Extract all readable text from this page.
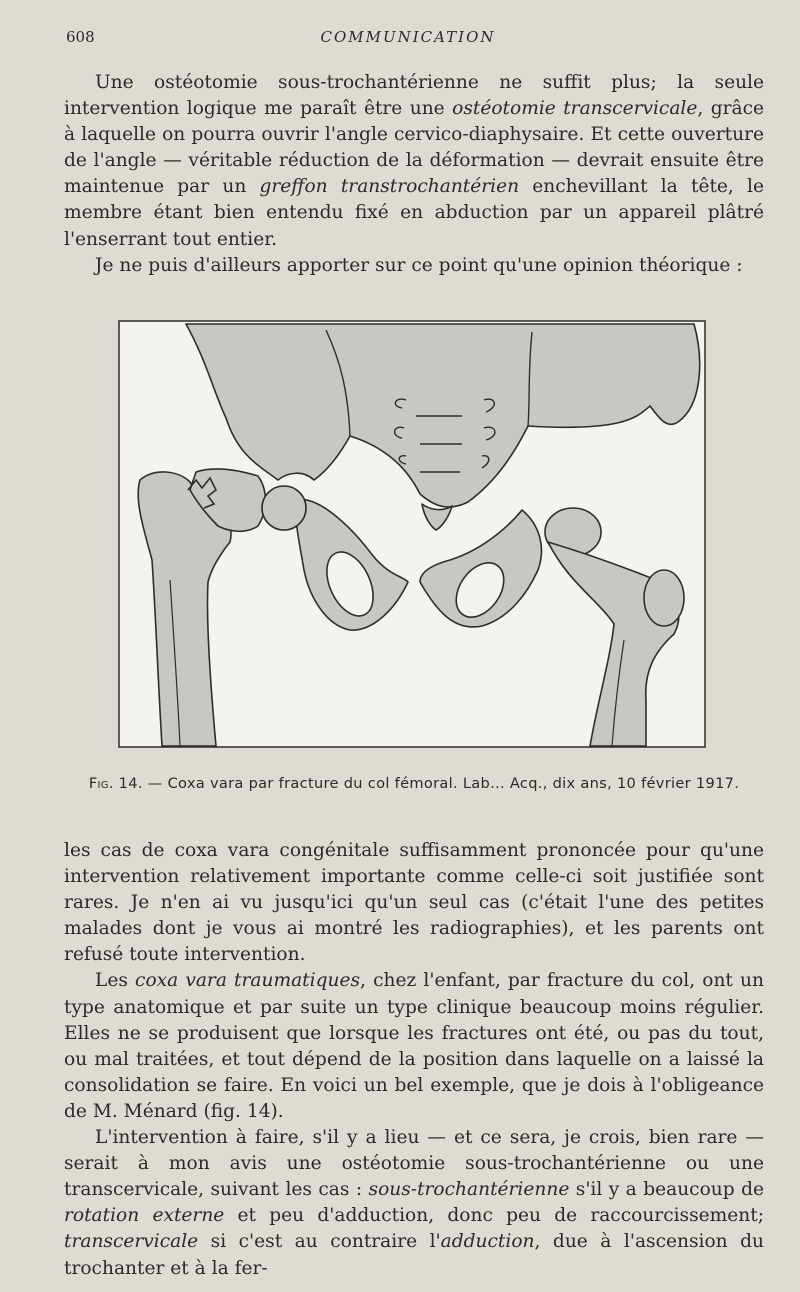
608	COMMUNICATION

Une ostéotomie sous-trochantérienne ne suffit plus; la seule intervention logique me paraît être une ostéotomie transcervicale, grâce à laquelle on pourra ouvrir l'angle cervico-diaphysaire. Et cette ouverture de l'angle — véritable réduction de la déformation — devrait ensuite être maintenue par un greffon transtrochantérien enchevillant la tête, le membre étant bien entendu fixé en abduction par un appareil plâtré l'enserrant tout entier.

Je ne puis d'ailleurs apporter sur ce point qu'une opinion théorique :

Fig. 14. — Coxa vara par fracture du col fémoral. Lab... Acq., dix ans, 10 février 1917.

les cas de coxa vara congénitale suffisamment prononcée pour qu'une intervention relativement importante comme celle-ci soit justifiée sont rares. Je n'en ai vu jusqu'ici qu'un seul cas (c'était l'une des petites malades dont je vous ai montré les radiographies), et les parents ont refusé toute intervention.

Les coxa vara traumatiques, chez l'enfant, par fracture du col, ont un type anatomique et par suite un type clinique beaucoup moins régulier. Elles ne se produisent que lorsque les fractures ont été, ou pas du tout, ou mal traitées, et tout dépend de la position dans laquelle on a laissé la consolidation se faire. En voici un bel exemple, que je dois à l'obligeance de M. Ménard (fig. 14).

L'intervention à faire, s'il y a lieu — et ce sera, je crois, bien rare — serait à mon avis une ostéotomie sous-trochantérienne ou une transcervicale, suivant les cas : sous-trochantérienne s'il y a beaucoup de rotation externe et peu d'adduction, donc peu de raccourcissement; transcervicale si c'est au contraire l'adduction, due à l'ascension du trochanter et à la fer-
